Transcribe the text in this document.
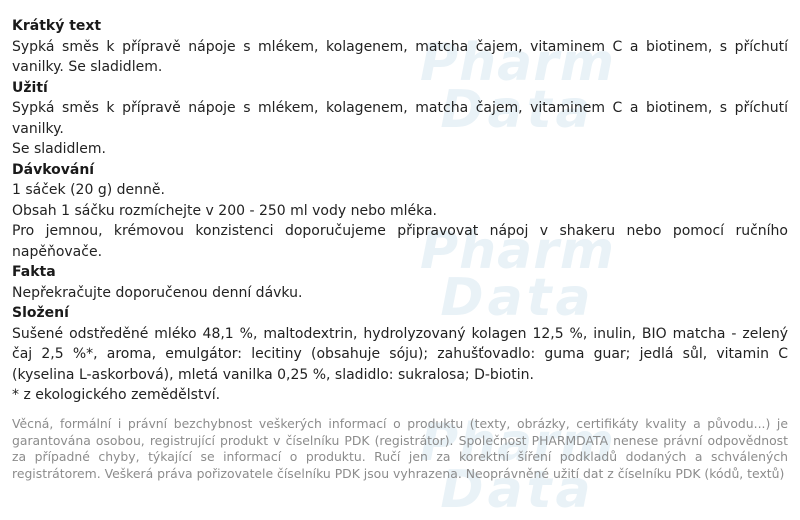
Pharm
Data
Pharm
Data
Pharm
Data
Krátký text

Sypká směs k přípravě nápoje s mlékem, kolagenem, matcha čajem, vitaminem C a biotinem, s příchutí vanilky. Se sladidlem.

Užití

Sypká směs k přípravě nápoje s mlékem, kolagenem, matcha čajem, vitaminem C a biotinem, s příchutí vanilky.

Se sladidlem.

Dávkování

1 sáček (20 g) denně.

Obsah 1 sáčku rozmíchejte v 200 - 250 ml vody nebo mléka.

Pro jemnou, krémovou konzistenci doporučujeme připravovat nápoj v shakeru nebo pomocí ručního napěňovače.

Fakta

Nepřekračujte doporučenou denní dávku.

Složení

Sušené odstředěné mléko 48,1 %, maltodextrin, hydrolyzovaný kolagen 12,5 %, inulin, BIO matcha - zelený čaj 2,5 %*, aroma, emulgátor: lecitiny (obsahuje sóju); zahušťovadlo: guma guar; jedlá sůl, vitamin C (kyselina L-askorbová), mletá vanilka 0,25 %, sladidlo: sukralosa; D-biotin.

* z ekologického zemědělství.

Věcná, formální i právní bezchybnost veškerých informací o produktu (texty, obrázky, certifikáty kvality a původu...) je garantována osobou, registrující produkt v číselníku PDK (registrátor). Společnost PHARMDATA nenese právní odpovědnost za případné chyby, týkající se informací o produktu. Ručí jen za korektní šíření podkladů dodaných a schválených registrátorem. Veškerá práva pořizovatele číselníku PDK jsou vyhrazena. Neoprávněné užití dat z číselníku PDK (kódů, textů)
